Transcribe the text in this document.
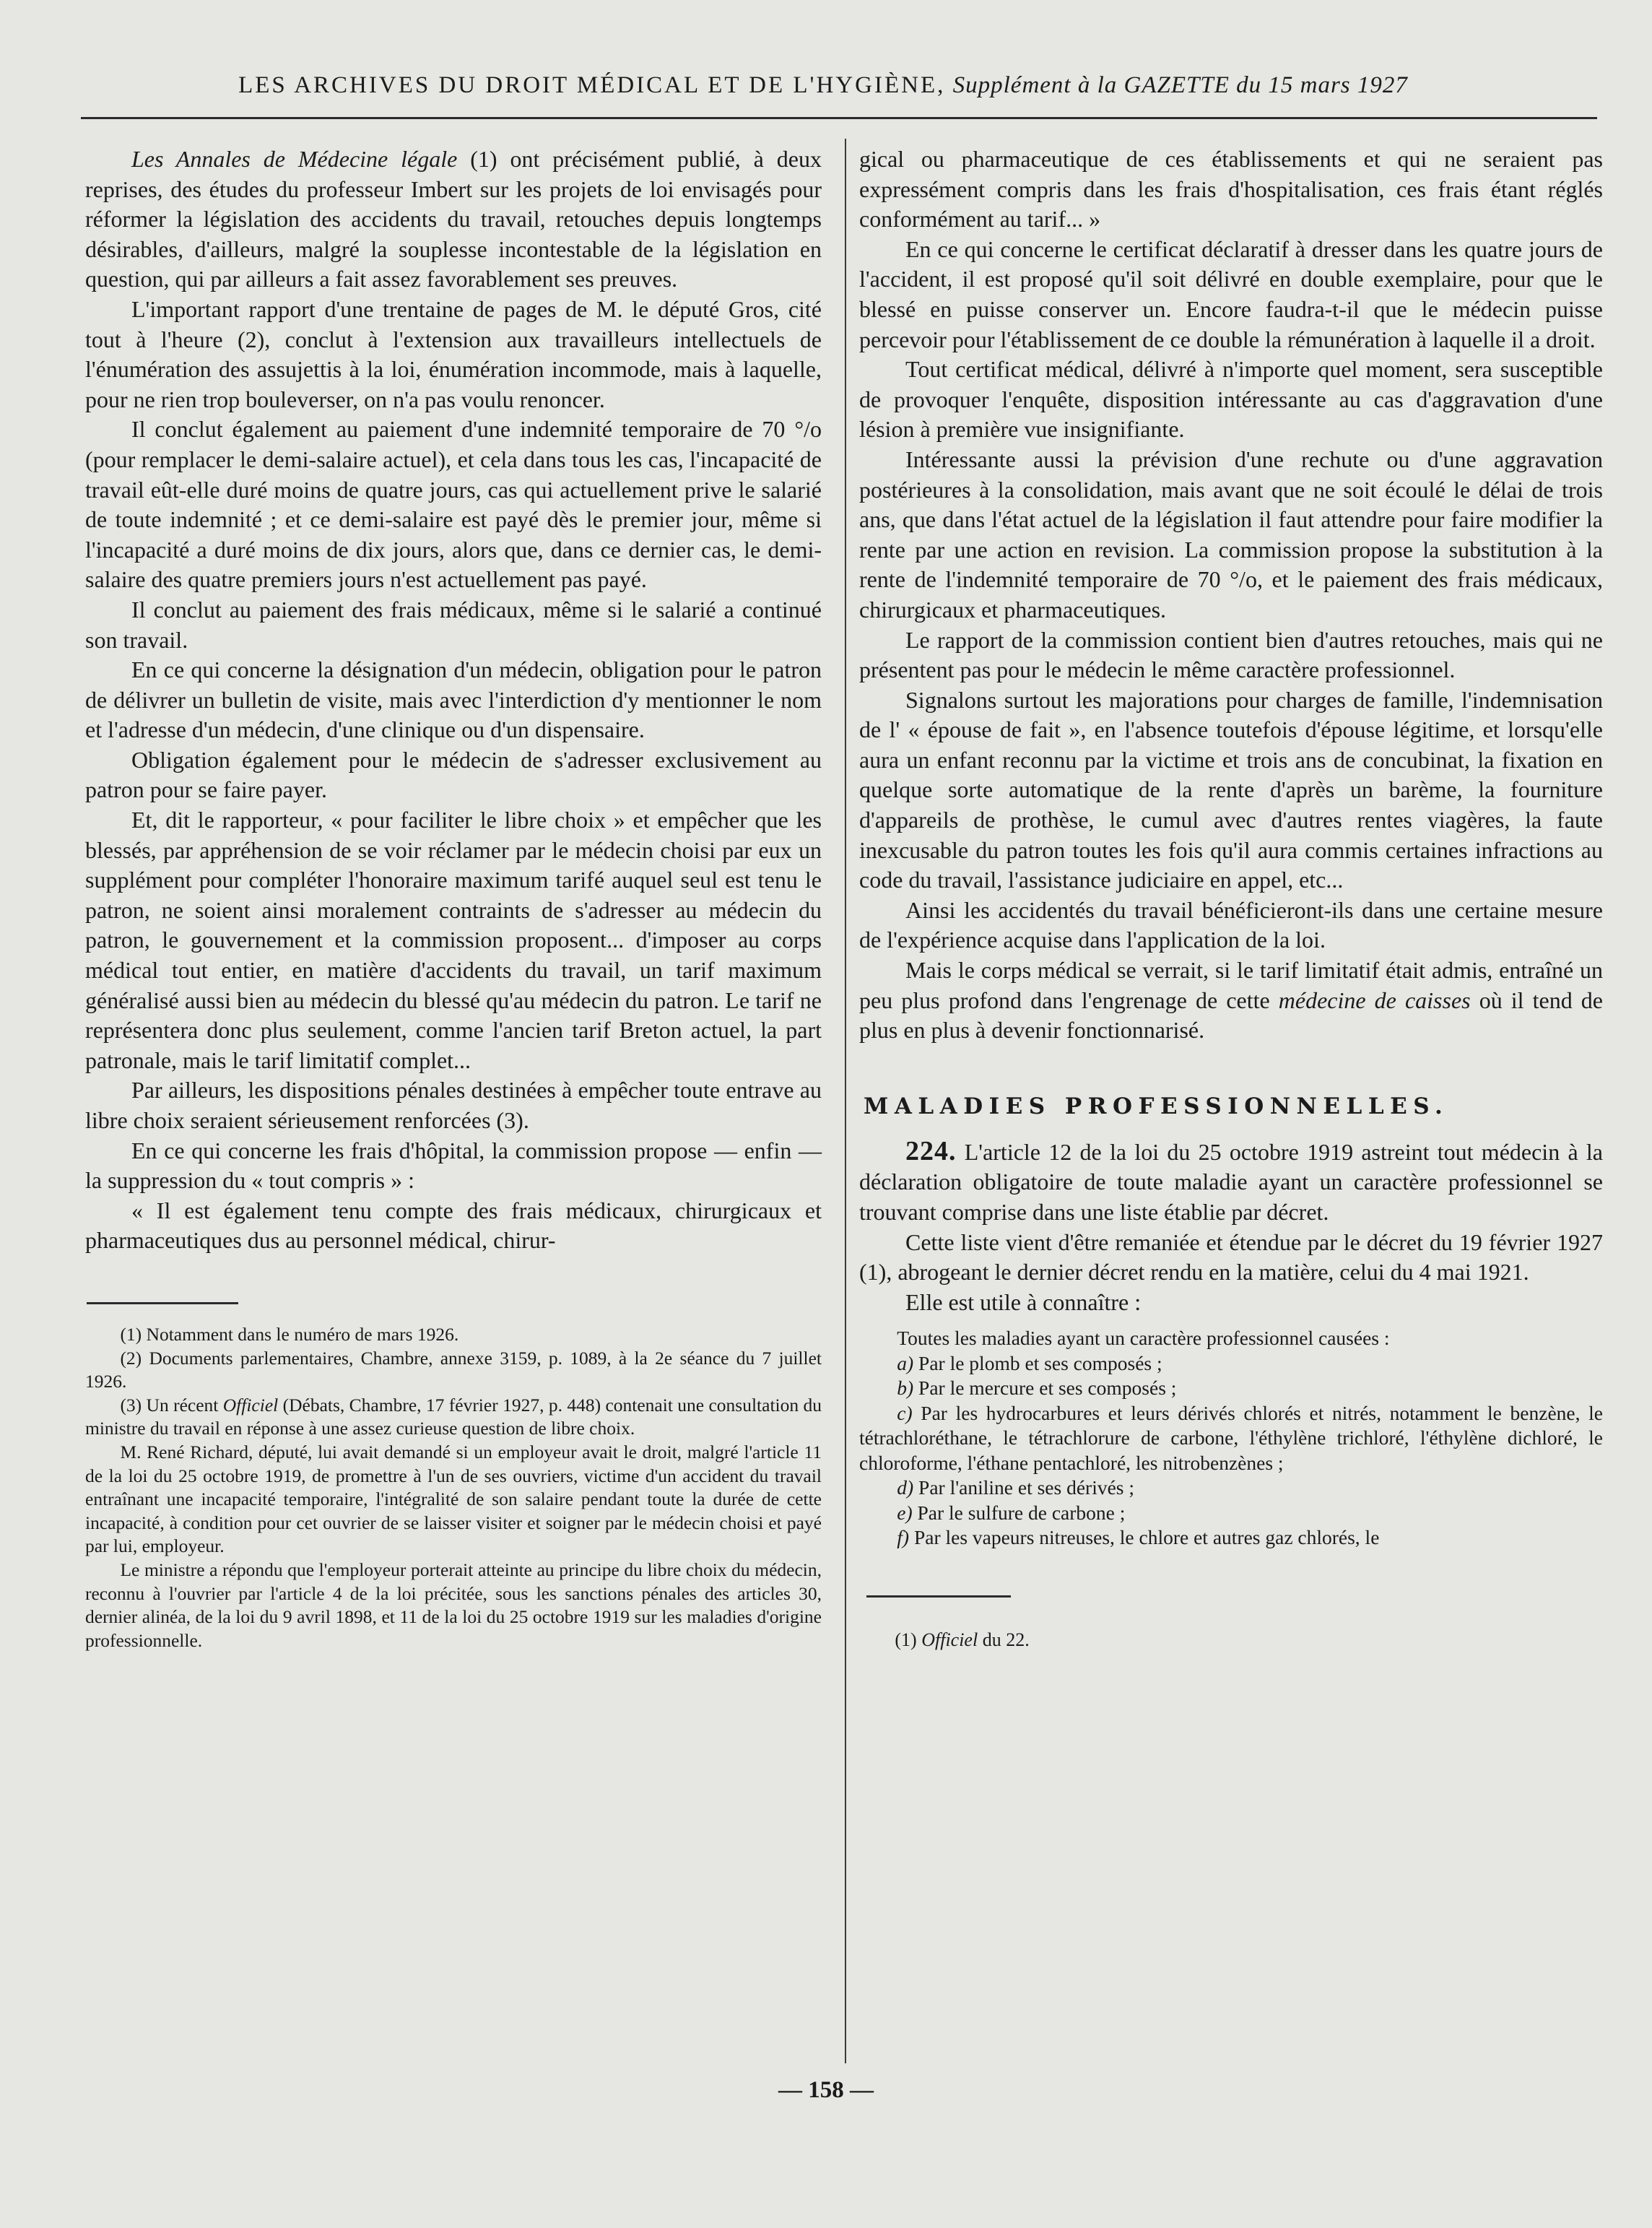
LES ARCHIVES DU DROIT MÉDICAL ET DE L'HYGIÈNE, Supplément à la GAZETTE du 15 mars 1927

Les Annales de Médecine légale (1) ont précisément publié, à deux reprises, des études du professeur Imbert sur les projets de loi envisagés pour réformer la législation des accidents du travail, retouches depuis longtemps désirables, d'ailleurs, malgré la souplesse incontestable de la législation en question, qui par ailleurs a fait assez favorablement ses preuves.

L'important rapport d'une trentaine de pages de M. le député Gros, cité tout à l'heure (2), conclut à l'extension aux travailleurs intellectuels de l'énumération des assujettis à la loi, énumération incommode, mais à laquelle, pour ne rien trop bouleverser, on n'a pas voulu renoncer.

Il conclut également au paiement d'une indemnité temporaire de 70 °/o (pour remplacer le demi-salaire actuel), et cela dans tous les cas, l'incapacité de travail eût-elle duré moins de quatre jours, cas qui actuellement prive le salarié de toute indemnité ; et ce demi-salaire est payé dès le premier jour, même si l'incapacité a duré moins de dix jours, alors que, dans ce dernier cas, le demi-salaire des quatre premiers jours n'est actuellement pas payé.

Il conclut au paiement des frais médicaux, même si le salarié a continué son travail.

En ce qui concerne la désignation d'un médecin, obligation pour le patron de délivrer un bulletin de visite, mais avec l'interdiction d'y mentionner le nom et l'adresse d'un médecin, d'une clinique ou d'un dispensaire.

Obligation également pour le médecin de s'adresser exclusivement au patron pour se faire payer.

Et, dit le rapporteur, « pour faciliter le libre choix » et empêcher que les blessés, par appréhension de se voir réclamer par le médecin choisi par eux un supplément pour compléter l'honoraire maximum tarifé auquel seul est tenu le patron, ne soient ainsi moralement contraints de s'adresser au médecin du patron, le gouvernement et la commission proposent... d'imposer au corps médical tout entier, en matière d'accidents du travail, un tarif maximum généralisé aussi bien au médecin du blessé qu'au médecin du patron. Le tarif ne représentera donc plus seulement, comme l'ancien tarif Breton actuel, la part patronale, mais le tarif limitatif complet...

Par ailleurs, les dispositions pénales destinées à empêcher toute entrave au libre choix seraient sérieusement renforcées (3).

En ce qui concerne les frais d'hôpital, la commission propose — enfin — la suppression du « tout compris » :

« Il est également tenu compte des frais médicaux, chirurgicaux et pharmaceutiques dus au personnel médical, chirur-

(1) Notamment dans le numéro de mars 1926.

(2) Documents parlementaires, Chambre, annexe 3159, p. 1089, à la 2e séance du 7 juillet 1926.

(3) Un récent Officiel (Débats, Chambre, 17 février 1927, p. 448) contenait une consultation du ministre du travail en réponse à une assez curieuse question de libre choix.

M. René Richard, député, lui avait demandé si un employeur avait le droit, malgré l'article 11 de la loi du 25 octobre 1919, de promettre à l'un de ses ouvriers, victime d'un accident du travail entraînant une incapacité temporaire, l'intégralité de son salaire pendant toute la durée de cette incapacité, à condition pour cet ouvrier de se laisser visiter et soigner par le médecin choisi et payé par lui, employeur.

Le ministre a répondu que l'employeur porterait atteinte au principe du libre choix du médecin, reconnu à l'ouvrier par l'article 4 de la loi précitée, sous les sanctions pénales des articles 30, dernier alinéa, de la loi du 9 avril 1898, et 11 de la loi du 25 octobre 1919 sur les maladies d'origine professionnelle.

gical ou pharmaceutique de ces établissements et qui ne seraient pas expressément compris dans les frais d'hospitalisation, ces frais étant réglés conformément au tarif... »

En ce qui concerne le certificat déclaratif à dresser dans les quatre jours de l'accident, il est proposé qu'il soit délivré en double exemplaire, pour que le blessé en puisse conserver un. Encore faudra-t-il que le médecin puisse percevoir pour l'établissement de ce double la rémunération à laquelle il a droit.

Tout certificat médical, délivré à n'importe quel moment, sera susceptible de provoquer l'enquête, disposition intéressante au cas d'aggravation d'une lésion à première vue insignifiante.

Intéressante aussi la prévision d'une rechute ou d'une aggravation postérieures à la consolidation, mais avant que ne soit écoulé le délai de trois ans, que dans l'état actuel de la législation il faut attendre pour faire modifier la rente par une action en revision. La commission propose la substitution à la rente de l'indemnité temporaire de 70 °/o, et le paiement des frais médicaux, chirurgicaux et pharmaceutiques.

Le rapport de la commission contient bien d'autres retouches, mais qui ne présentent pas pour le médecin le même caractère professionnel.

Signalons surtout les majorations pour charges de famille, l'indemnisation de l' « épouse de fait », en l'absence toutefois d'épouse légitime, et lorsqu'elle aura un enfant reconnu par la victime et trois ans de concubinat, la fixation en quelque sorte automatique de la rente d'après un barème, la fourniture d'appareils de prothèse, le cumul avec d'autres rentes viagères, la faute inexcusable du patron toutes les fois qu'il aura commis certaines infractions au code du travail, l'assistance judiciaire en appel, etc...

Ainsi les accidentés du travail bénéficieront-ils dans une certaine mesure de l'expérience acquise dans l'application de la loi.

Mais le corps médical se verrait, si le tarif limitatif était admis, entraîné un peu plus profond dans l'engrenage de cette médecine de caisses où il tend de plus en plus à devenir fonctionnarisé.

MALADIES PROFESSIONNELLES.

224. L'article 12 de la loi du 25 octobre 1919 astreint tout médecin à la déclaration obligatoire de toute maladie ayant un caractère professionnel se trouvant comprise dans une liste établie par décret.

Cette liste vient d'être remaniée et étendue par le décret du 19 février 1927 (1), abrogeant le dernier décret rendu en la matière, celui du 4 mai 1921.

Elle est utile à connaître :

Toutes les maladies ayant un caractère professionnel causées :

a) Par le plomb et ses composés ;

b) Par le mercure et ses composés ;

c) Par les hydrocarbures et leurs dérivés chlorés et nitrés, notamment le benzène, le tétrachloréthane, le tétrachlorure de carbone, l'éthylène trichloré, l'éthylène dichloré, le chloroforme, l'éthane pentachloré, les nitrobenzènes ;

d) Par l'aniline et ses dérivés ;

e) Par le sulfure de carbone ;

f) Par les vapeurs nitreuses, le chlore et autres gaz chlorés, le

(1) Officiel du 22.

— 158 —
